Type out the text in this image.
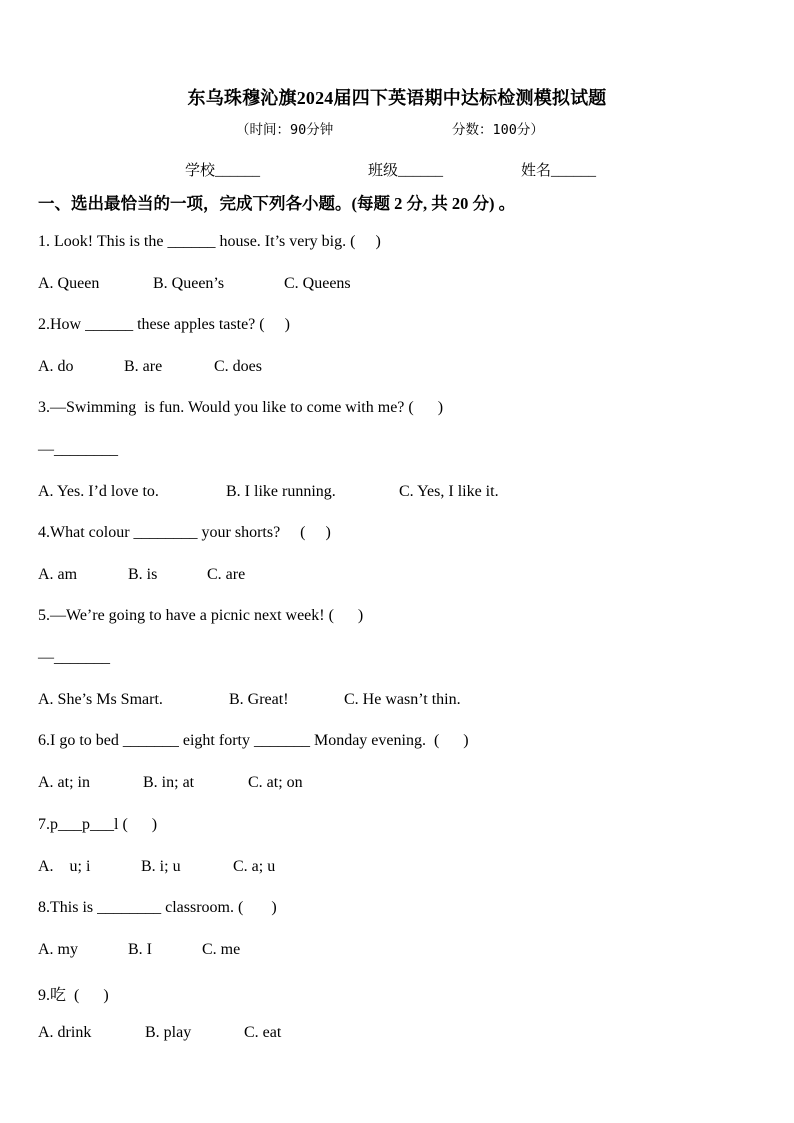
东乌珠穆沁旗2024届四下英语期中达标检测模拟试题
（时间：90分钟	分数：100分）
学校______	班级______	姓名______
一、选出最恰当的一项，完成下列各小题。(每题 2 分, 共 20 分) 。
1. Look! This is the ______ house. It’s very big. (     )
A. Queen	B. Queen’s	C. Queens
2.How ______ these apples taste? (     )
A. do	B. are	C. does
3.—Swimming  is fun. Would you like to come with me? (      )
—________
A. Yes. I’d love to.	B. I like running.	C. Yes, I like it.
4.What colour ________ your shorts?     (     )
A. am	B. is	C. are
5.—We’re going to have a picnic next week! (      )
—_______
A. She’s Ms Smart.	B. Great!	C. He wasn’t thin.
6.I go to bed _______ eight forty _______ Monday evening.  (      )
A. at; in	B. in; at	C. at; on
7.p___p___l (      )
A.    u; i	B. i; u	C. a; u
8.This is ________ classroom. (       )
A. my	B. I	C. me
9.吃  (      )
A. drink	B. play	C. eat
